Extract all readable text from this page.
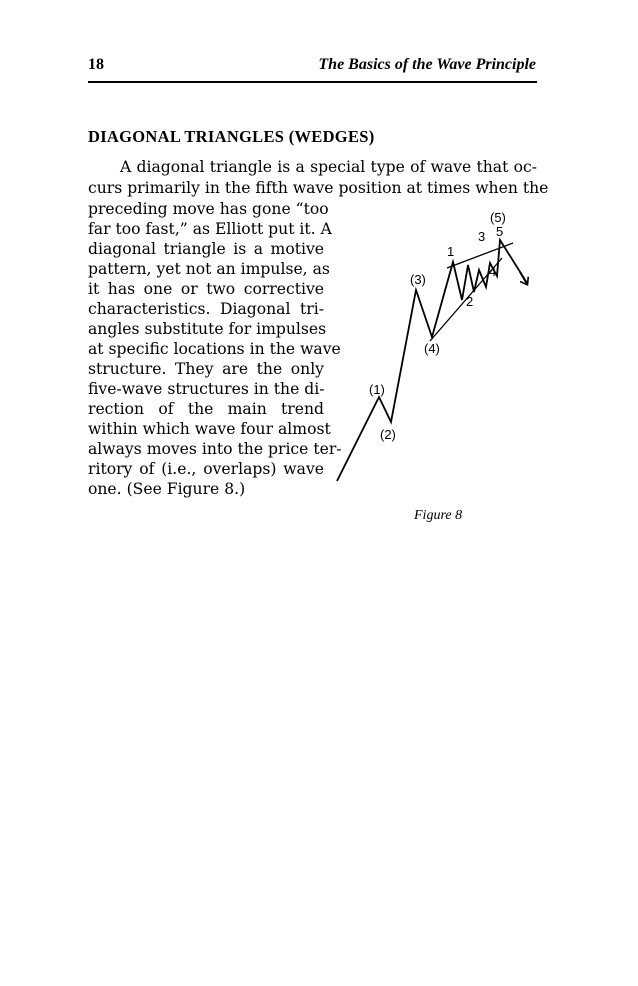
18	The Basics of the Wave Principle
DIAGONAL TRIANGLES (WEDGES)
A diagonal triangle is a special type of wave that oc-
curs primarily in the fifth wave position at times when the
preceding move has gone “too
far too fast,” as Elliott put it. A
diagonal triangle is a motive
pattern, yet not an impulse, as
it has one or two corrective
characteristics. Diagonal tri-
angles substitute for impulses
at specific locations in the wave
structure. They are the only
five-wave structures in the di-
rection of the main trend
within which wave four almost
always moves into the price ter-
ritory of (i.e., overlaps) wave
one. (See Figure 8.)
(1)
(2)
(3)
(4)
(5)
1
2
3
4
5
Figure 8
